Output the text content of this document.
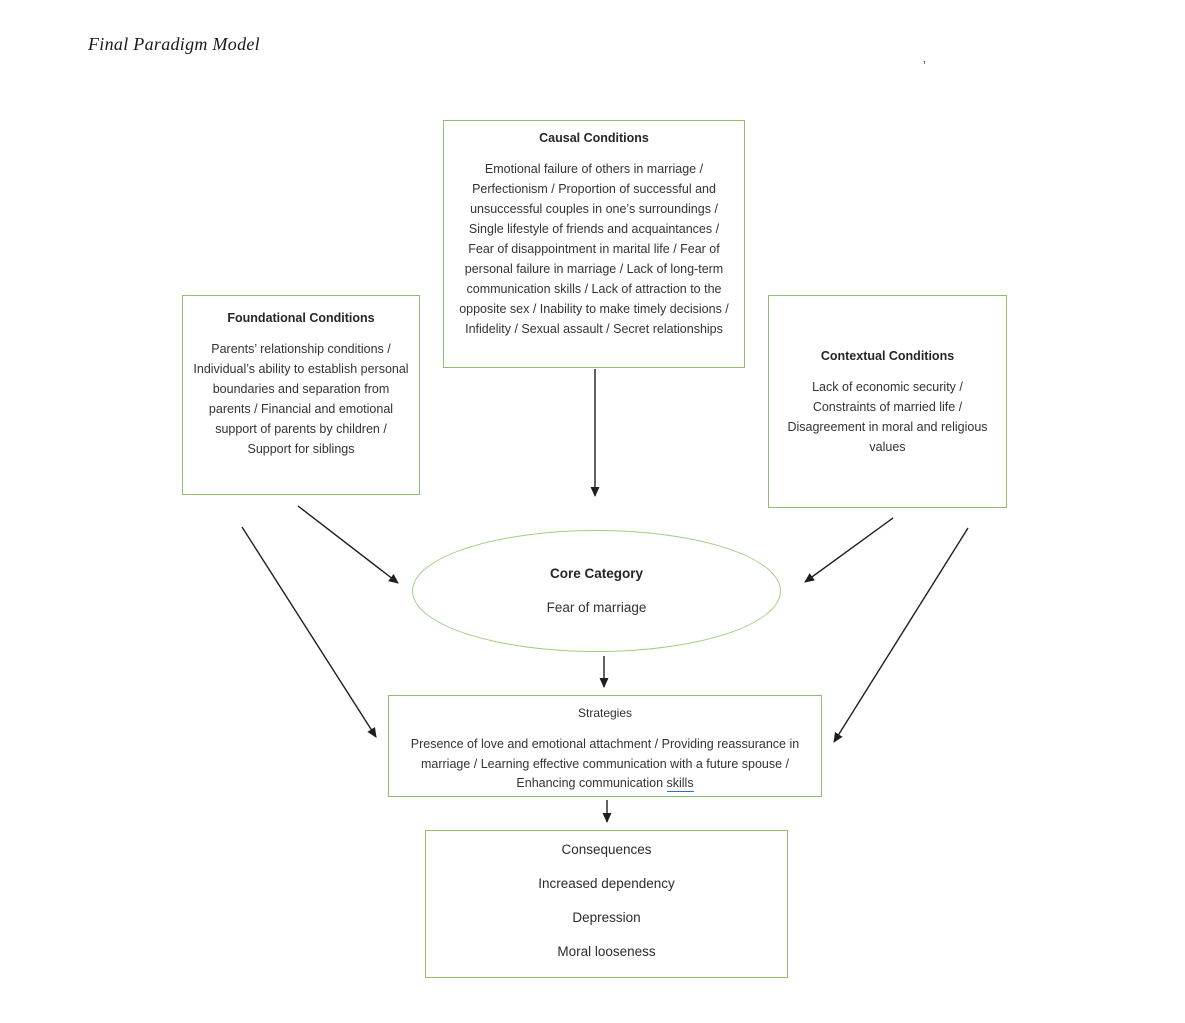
Final Paradigm Model
’
Causal Conditions
Emotional failure of others in marriage / Perfectionism / Proportion of successful and unsuccessful couples in one’s surroundings / Single lifestyle of friends and acquaintances / Fear of disappointment in marital life / Fear of personal failure in marriage / Lack of long-term communication skills / Lack of attraction to the opposite sex / Inability to make timely decisions / Infidelity / Sexual assault / Secret relationships
Foundational Conditions
Parents’ relationship conditions / Individual’s ability to establish personal boundaries and separation from parents / Financial and emotional support of parents by children / Support for siblings
Contextual Conditions
Lack of economic security / Constraints of married life / Disagreement in moral and religious values
Core Category
Fear of marriage
Strategies
Presence of love and emotional attachment / Providing reassurance in marriage / Learning effective communication with a future spouse / Enhancing communication skills
Consequences
Increased dependency
Depression
Moral looseness
